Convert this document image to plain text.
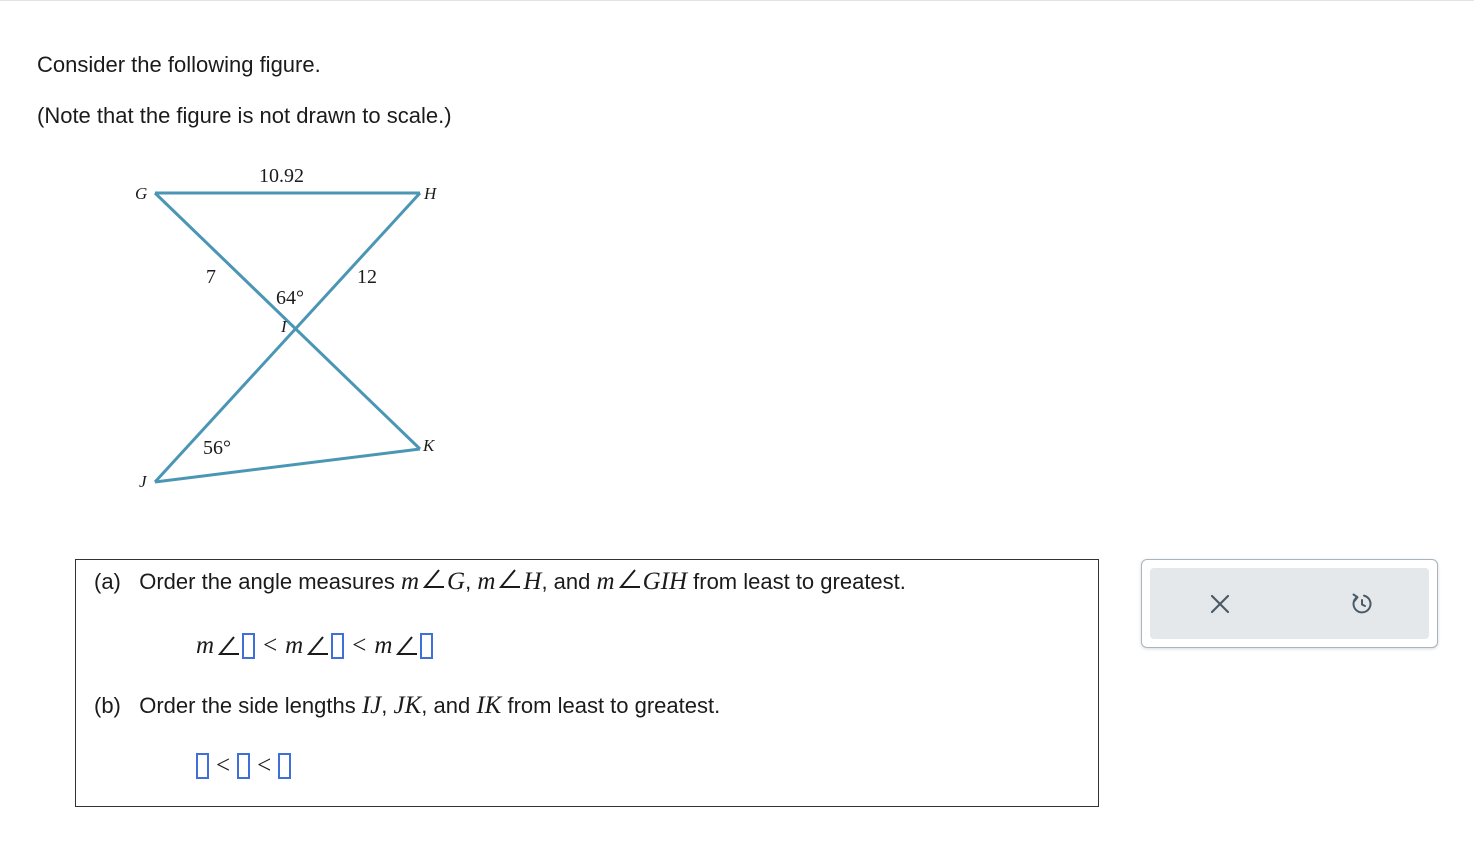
Consider the following figure.
(Note that the figure is not drawn to scale.)
G	H
I
J
K
10.92
7	12
64°
56°
(a) Order the angle measures m G, m H, and m GIH from least to greatest.
m < m < m
(b) Order the side lengths IJ, JK, and IK from least to greatest.
< <
